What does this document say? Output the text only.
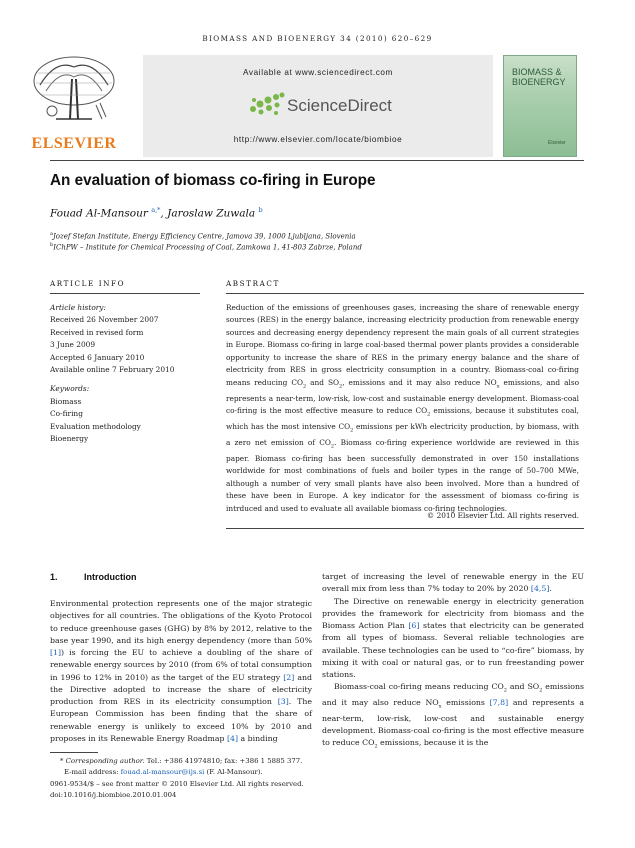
BIOMASS AND BIOENERGY 34 (2010) 620–629
ELSEVIER
Available at www.sciencedirect.com
ScienceDirect
http://www.elsevier.com/locate/biombioe
BIOMASS & BIOENERGY
Elsevier
An evaluation of biomass co-firing in Europe
Fouad Al-Mansour $^{a,*}$, Jaroslaw Zuwala $^b$
$^a$Jozef Stefan Institute, Energy Efficiency Centre, Jamova 39, 1000 Ljubljana, Slovenia
$^b$IChPW – Institute for Chemical Processing of Coal, Zamkowa 1, 41-803 Zabrze, Poland
ARTICLE INFO	ABSTRACT
Article history:
Received 26 November 2007
Received in revised form
3 June 2009
Accepted 6 January 2010
Available online 7 February 2010
Keywords:
Biomass
Co-firing
Evaluation methodology
Bioenergy
Reduction of the emissions of greenhouses gases, increasing the share of renewable energy sources (RES) in the energy balance, increasing electricity production from renewable energy sources and decreasing energy dependency represent the main goals of all current strategies in Europe. Biomass co-firing in large coal-based thermal power plants provides a considerable opportunity to increase the share of RES in the primary energy balance and the share of electricity from RES in gross electricity consumption in a country. Biomass-coal co-firing means reducing $CO_2$ and $SO_2$, emissions and it may also reduce $NO_x$ emissions, and also represents a near-term, low-risk, low-cost and sustainable energy development. Biomass-coal co-firing is the most effective measure to reduce $CO_2$ emissions, because it substitutes coal, which has the most intensive $CO_2$ emissions per kWh electricity production, by biomass, with a zero net emission of $CO_2$. Biomass co-firing experience worldwide are reviewed in this paper. Biomass co-firing has been successfully demonstrated in over 150 installations worldwide for most combinations of fuels and boiler types in the range of 50–700 MWe, although a number of very small plants have also been involved. More than a hundred of these have been in Europe. A key indicator for the assessment of biomass co-firing is intrduced and used to evaluate all available biomass co-firing technologies.
© 2010 Elsevier Ltd. All rights reserved.
1.	Introduction

Environmental protection represents one of the major strategic objectives for all countries. The obligations of the Kyoto Protocol to reduce greenhouse gases (GHG) by 8% by 2012, relative to the base year 1990, and its high energy dependency (more than 50% [1]) is forcing the EU to achieve a doubling of the share of renewable energy sources by 2010 (from 6% of total consumption in 1996 to 12% in 2010) as the target of the EU strategy [2] and the Directive adopted to increase the share of electricity production from RES in its electricity consumption [3]. The European Commission has been finding that the share of renewable energy is unlikely to exceed 10% by 2010 and proposes in its Renewable Energy Roadmap [4] a binding

target of increasing the level of renewable energy in the EU overall mix from less than 7% today to 20% by 2020 [4,5].

The Directive on renewable energy in electricity generation provides the framework for electricity from biomass and the Biomass Action Plan [6] states that electricity can be generated from all types of biomass. Several reliable technologies are available. These technologies can be used to “co-fire” biomass, by mixing it with coal or natural gas, or to run freestanding power stations.

Biomass-coal co-firing means reducing $CO_2$ and $SO_2$ emissions and it may also reduce $NO_x$ emissions [7,8] and represents a near-term, low-risk, low-cost and sustainable energy development. Biomass-coal co-firing is the most effective measure to reduce $CO_2$ emissions, because it is the

* Corresponding author. Tel.: +386 41974810; fax: +386 1 5885 377.
E-mail address: fouad.al-mansour@ijs.si (F. Al-Mansour).
0961-9534/$ – see front matter © 2010 Elsevier Ltd. All rights reserved.
doi:10.1016/j.biombioe.2010.01.004
